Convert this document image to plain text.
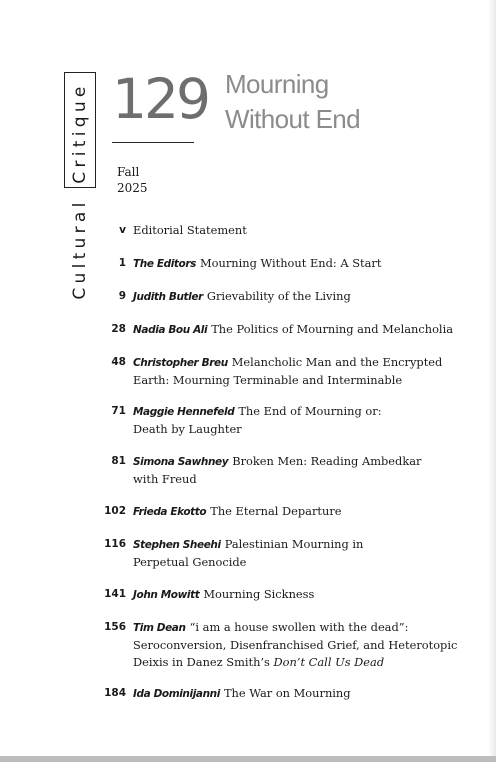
Critique
Cultural
129 Mourning
Without End
Fall
2025
v Editorial Statement
1 The Editors Mourning Without End: A Start
9 Judith Butler Grievability of the Living
28 Nadia Bou Ali The Politics of Mourning and Melancholia
48 Christopher Breu Melancholic Man and the Encrypted
Earth: Mourning Terminable and Interminable
71 Maggie Hennefeld The End of Mourning or:
Death by Laughter
81 Simona Sawhney Broken Men: Reading Ambedkar
with Freud
102 Frieda Ekotto The Eternal Departure
116 Stephen Sheehi Palestinian Mourning in
Perpetual Genocide
141 John Mowitt Mourning Sickness
156 Tim Dean “i am a house swollen with the dead”:
Seroconversion, Disenfranchised Grief, and Heterotopic
Deixis in Danez Smith’s Don’t Call Us Dead
184 Ida Dominijanni The War on Mourning
